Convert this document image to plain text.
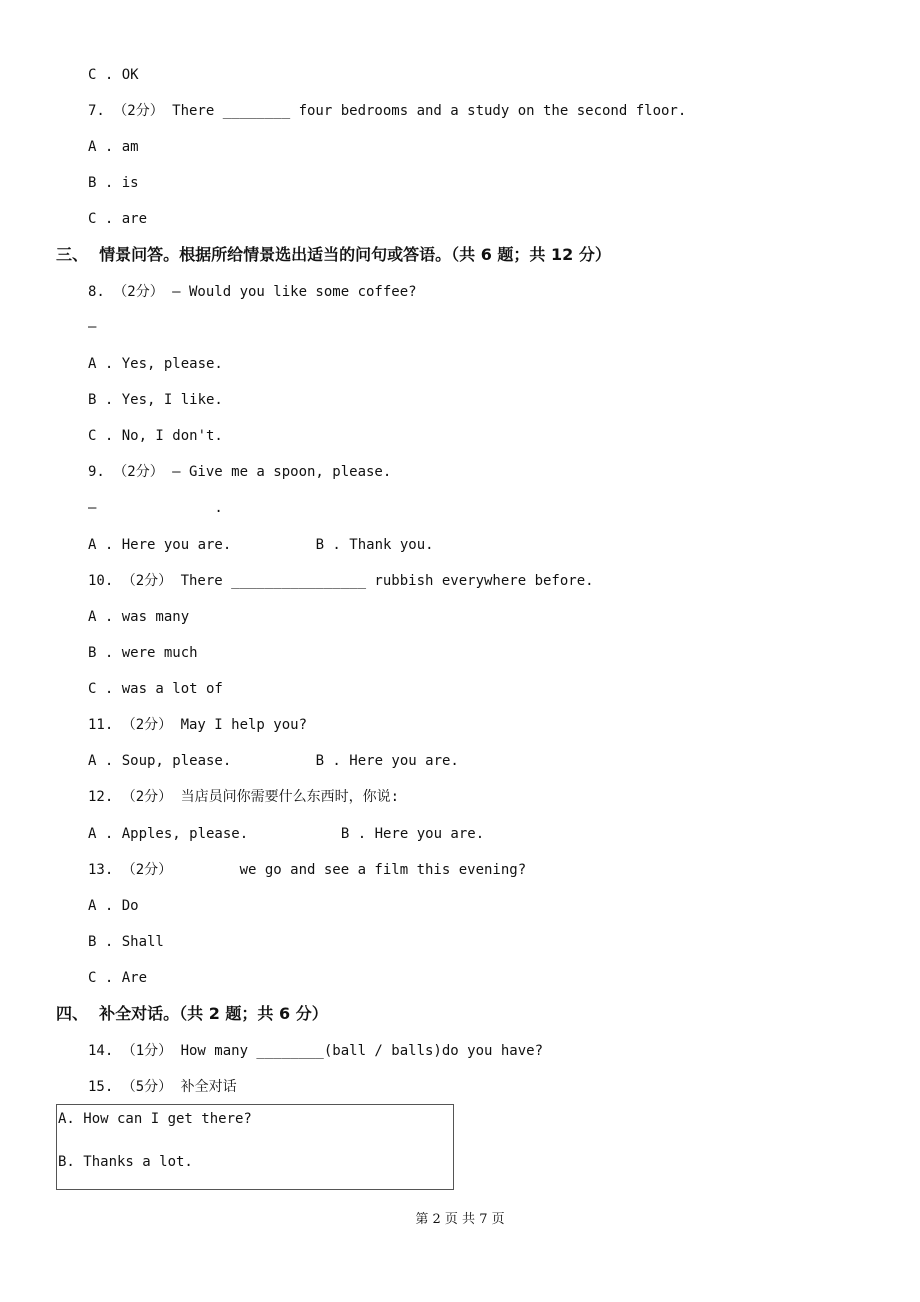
C . OK
7. （2分） There ________ four bedrooms and a study on the second floor.
A . am
B . is
C . are
三、  情景问答。根据所给情景选出适当的问句或答语。（共 6 题；共 12 分）
8. （2分） — Would you like some coffee?
—
A . Yes, please.
B . Yes, I like.
C . No, I don't.
9. （2分） — Give me a spoon, please.
—              .
A . Here you are.          B . Thank you.
10. （2分） There ________________ rubbish everywhere before.
A . was many
B . were much
C . was a lot of
11. （2分） May I help you?
A . Soup, please.          B . Here you are.
12. （2分） 当店员问你需要什么东西时，你说:
A . Apples, please.           B . Here you are.
13. （2分）        we go and see a film this evening?
A . Do
B . Shall
C . Are
四、  补全对话。（共 2 题；共 6 分）
14. （1分） How many ________(ball / balls)do you have?
15. （5分） 补全对话
A. How can I get there?
B. Thanks a lot.
第 2 页 共 7 页
